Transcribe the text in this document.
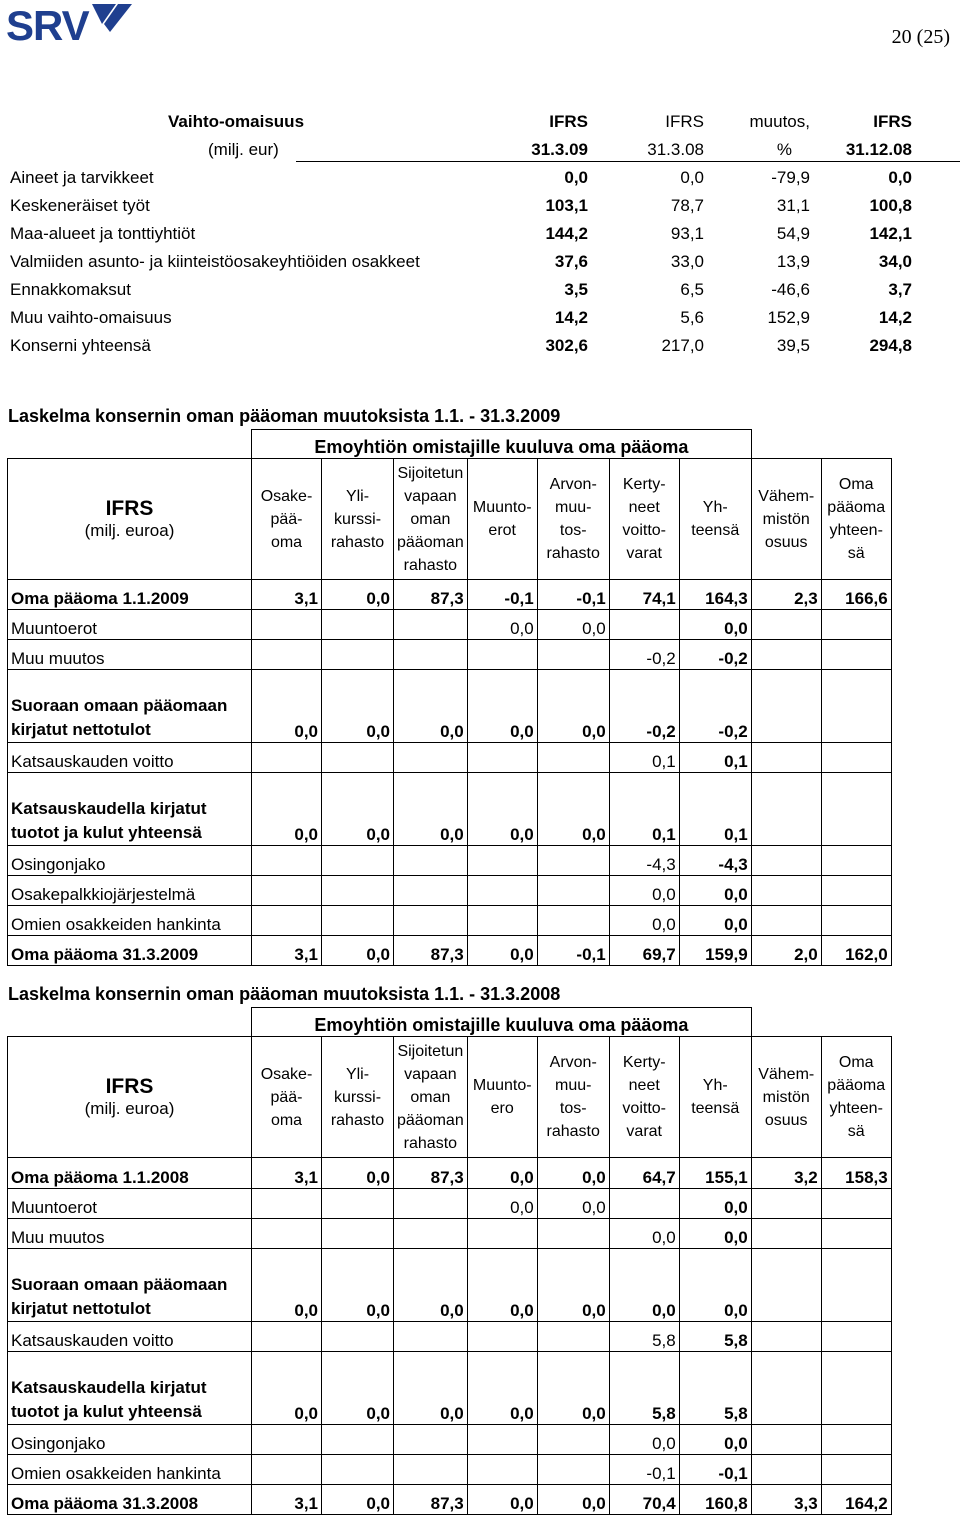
SRV	20 (25)
Vaihto-omaisuus	IFRS	IFRS	muutos,	IFRS
(milj. eur)	31.3.09	31.3.08	%	31.12.08
Aineet ja tarvikkeet	0,0	0,0	-79,9	0,0
Keskeneräiset työt	103,1	78,7	31,1	100,8
Maa-alueet ja tonttiyhtiöt	144,2	93,1	54,9	142,1
Valmiiden asunto- ja kiinteistöosakeyhtiöiden osakkeet	37,6	33,0	13,9	34,0
Ennakkomaksut	3,5	6,5	-46,6	3,7
Muu vaihto-omaisuus	14,2	5,6	152,9	14,2
Konserni yhteensä	302,6	217,0	39,5	294,8
Laskelma konsernin oman pääoman muutoksista 1.1. - 31.3.2009
	Emoyhtiön omistajille kuuluva oma pääoma								

IFRS
(milj. euroa)	Osake-
pää-
oma	Yli-
kurssi-
rahasto	Sijoitetun
vapaan
oman
pääoman
rahasto	Muunto-
erot	Arvon-
muu-
tos-
rahasto	Kerty-
neet
voitto-
varat	Yh-
teensä	Vähem-
mistön
osuus	Oma
pääoma
yhteen-
sä
Oma pääoma 1.1.2009	3,1	0,0	87,3	-0,1	-0,1	74,1	164,3	2,3	166,6
Muuntoerot				0,0	0,0		0,0		
Muu muutos						-0,2	-0,2		
Suoraan omaan pääomaan kirjatut nettotulot	0,0	0,0	0,0	0,0	0,0	-0,2	-0,2		
Katsauskauden voitto						0,1	0,1		
Katsauskaudella kirjatut tuotot ja kulut yhteensä	0,0	0,0	0,0	0,0	0,0	0,1	0,1		
Osingonjako						-4,3	-4,3		
Osakepalkkiojärjestelmä						0,0	0,0		
Omien osakkeiden hankinta						0,0	0,0		
Oma pääoma 31.3.2009	3,1	0,0	87,3	0,0	-0,1	69,7	159,9	2,0	162,0
Laskelma konsernin oman pääoman muutoksista 1.1. - 31.3.2008
	Emoyhtiön omistajille kuuluva oma pääoma								

IFRS
(milj. euroa)	Osake-
pää-
oma	Yli-
kurssi-
rahasto	Sijoitetun
vapaan
oman
pääoman
rahasto	Muunto-
ero	Arvon-
muu-
tos-
rahasto	Kerty-
neet
voitto-
varat	Yh-
teensä	Vähem-
mistön
osuus	Oma
pääoma
yhteen-
sä
Oma pääoma 1.1.2008	3,1	0,0	87,3	0,0	0,0	64,7	155,1	3,2	158,3
Muuntoerot				0,0	0,0		0,0		
Muu muutos						0,0	0,0		
Suoraan omaan pääomaan kirjatut nettotulot	0,0	0,0	0,0	0,0	0,0	0,0	0,0		
Katsauskauden voitto						5,8	5,8		
Katsauskaudella kirjatut tuotot ja kulut yhteensä	0,0	0,0	0,0	0,0	0,0	5,8	5,8		
Osingonjako						0,0	0,0		
Omien osakkeiden hankinta						-0,1	-0,1		
Oma pääoma 31.3.2008	3,1	0,0	87,3	0,0	0,0	70,4	160,8	3,3	164,2
